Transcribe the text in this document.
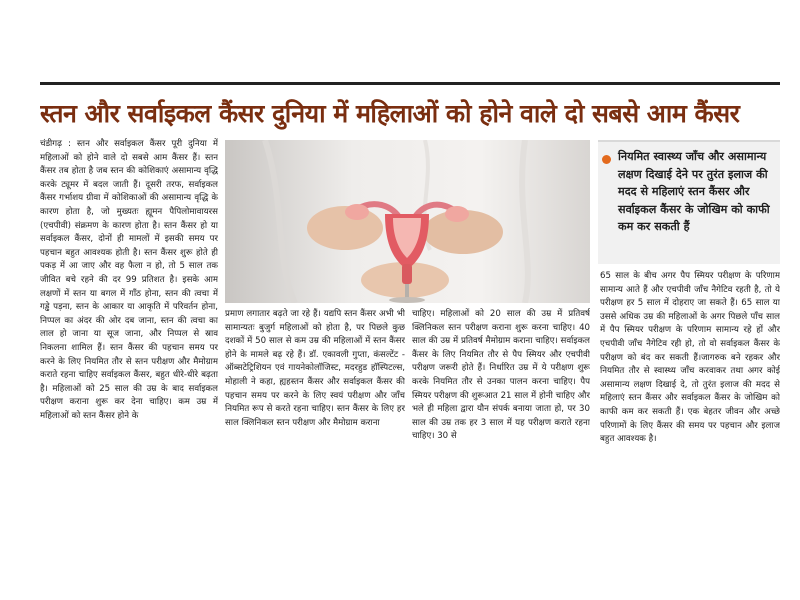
स्तन और सर्वाइकल कैंसर दुनिया में महिलाओं को होने वाले दो सबसे आम कैंसर
चंडीगढ़ : स्तन और सर्वाइकल कैंसर पूरी दुनिया में महिलाओं को होने वाले दो सबसे आम कैंसर हैं। स्तन कैंसर तब होता है जब स्तन की कोशिकाएं असामान्य वृद्धि करके ट्यूमर में बदल जाती हैं। दूसरी तरफ, सर्वाइकल कैंसर गर्भाशय ग्रीवा में कोशिकाओं की असामान्य वृद्धि के कारण होता है, जो मुख्यतः ह्यूमन पैपिलोमावायरस (एचपीवी) संक्रमण के कारण होता है। स्तन कैंसर हो या सर्वाइकल कैंसर, दोनों ही मामलों में इसकी समय पर पहचान बहुत आवश्यक होती है। स्तन कैंसर शुरू होते ही पकड़ में आ जाए और वह फैला न हो, तो 5 साल तक जीवित बचे रहने की दर 99 प्रतिशत है। इसके आम लक्षणों में स्तन या बगल में गाँठ होना, स्तन की त्वचा में गड्ढे पड़ना, स्तन के आकार या आकृति में परिवर्तन होना, निप्पल का अंदर की ओर दब जाना, स्तन की त्वचा का लाल हो जाना या सूज जाना, और निप्पल से स्राव निकलना शामिल हैं। स्तन कैंसर की पहचान समय पर करने के लिए नियमित तौर से स्तन परीक्षण और मैमोग्राम कराते रहना चाहिए सर्वाइकल कैंसर, बहुत धीरे-धीरे बढ़ता है। महिलाओं को 25 साल की उम्र के बाद सर्वाइकल परीक्षण कराना शुरू कर देना चाहिए। कम उम्र में महिलाओं को स्तन कैंसर होने के
प्रमाण लगातार बढ़ते जा रहे हैं। यद्यपि स्तन कैंसर अभी भी सामान्यतः बुजुर्ग महिलाओं को होता है, पर पिछले कुछ दशकों में 50 साल से कम उम्र की महिलाओं में स्तन कैंसर होने के मामले बढ़ रहे हैं। डॉ. एकावली गुप्ता, कंसल्टेंट - ऑब्सटेट्रिशियन एवं गायनेकोलॉजिस्ट, मदरहुड हॉस्पिटल्स, मोहाली ने कहा, ह्यहस्तन कैंसर और सर्वाइकल कैंसर की पहचान समय पर करने के लिए स्वयं परीक्षण और जाँच नियमित रूप से करते रहना चाहिए। स्तन कैंसर के लिए हर साल क्लिनिकल स्तन परीक्षण और मैमोग्राम कराना
चाहिए। महिलाओं को 20 साल की उम्र में प्रतिवर्ष क्लिनिकल स्तन परीक्षण कराना शुरू करना चाहिए। 40 साल की उम्र में प्रतिवर्ष मैमोग्राम कराना चाहिए। सर्वाइकल कैंसर के लिए नियमित तौर से पैप स्मियर और एचपीवी परीक्षण जरूरी होते हैं। निर्धारित उम्र में ये परीक्षण शुरू करके नियमित तौर से उनका पालन करना चाहिए। पैप स्मियर परीक्षण की शुरूआत 21 साल में होनी चाहिए और भले ही महिला द्वारा यौन संपर्क बनाया जाता हो, पर 30 साल की उम्र तक हर 3 साल में यह परीक्षण कराते रहना चाहिए। 30 से
नियमित स्वास्थ्य जाँच और असामान्य लक्षण दिखाई देने पर तुरंत इलाज की मदद से महिलाएं स्तन कैंसर और सर्वाइकल कैंसर के जोखिम को काफी कम कर सकती हैं
65 साल के बीच अगर पैप स्मियर परीक्षण के परिणाम सामान्य आते हैं और एचपीवी जाँच नैगेटिव रहती है, तो ये परीक्षण हर 5 साल में दोहराए जा सकते हैं। 65 साल या उससे अधिक उम्र की महिलाओं के अगर पिछले पाँच साल में पैप स्मियर परीक्षण के परिणाम सामान्य रहे हों और एचपीवी जाँच नैगेटिव रही हो, तो वो सर्वाइकल कैंसर के परीक्षण को बंद कर सकती हैं।जागरुक बने रहकर और नियमित तौर से स्वास्थ्य जाँच करवाकर तथा अगर कोई असामान्य लक्षण दिखाई दे, तो तुरंत इलाज की मदद से महिलाएं स्तन कैंसर और सर्वाइकल कैंसर के जोखिम को काफी कम कर सकती हैं। एक बेहतर जीवन और अच्छे परिणामों के लिए कैंसर की समय पर पहचान और इलाज बहुत आवश्यक है।
